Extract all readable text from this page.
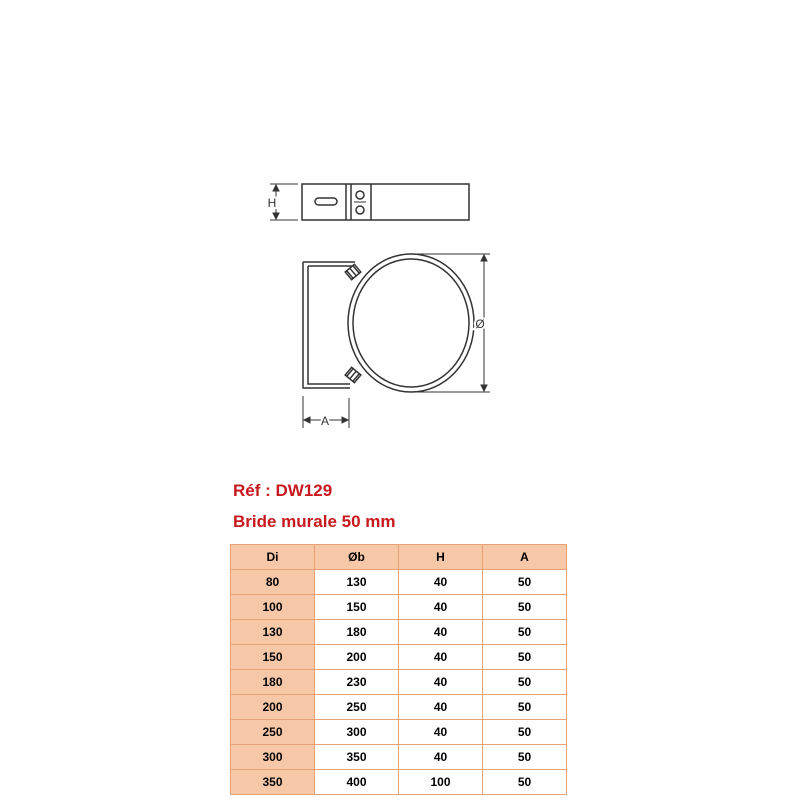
H
Ø
A

Réf : DW129

Bride murale 50 mm

Di	Øb	H	A
80	130	40	50
100	150	40	50
130	180	40	50
150	200	40	50
180	230	40	50
200	250	40	50
250	300	40	50
300	350	40	50
350	400	100	50
